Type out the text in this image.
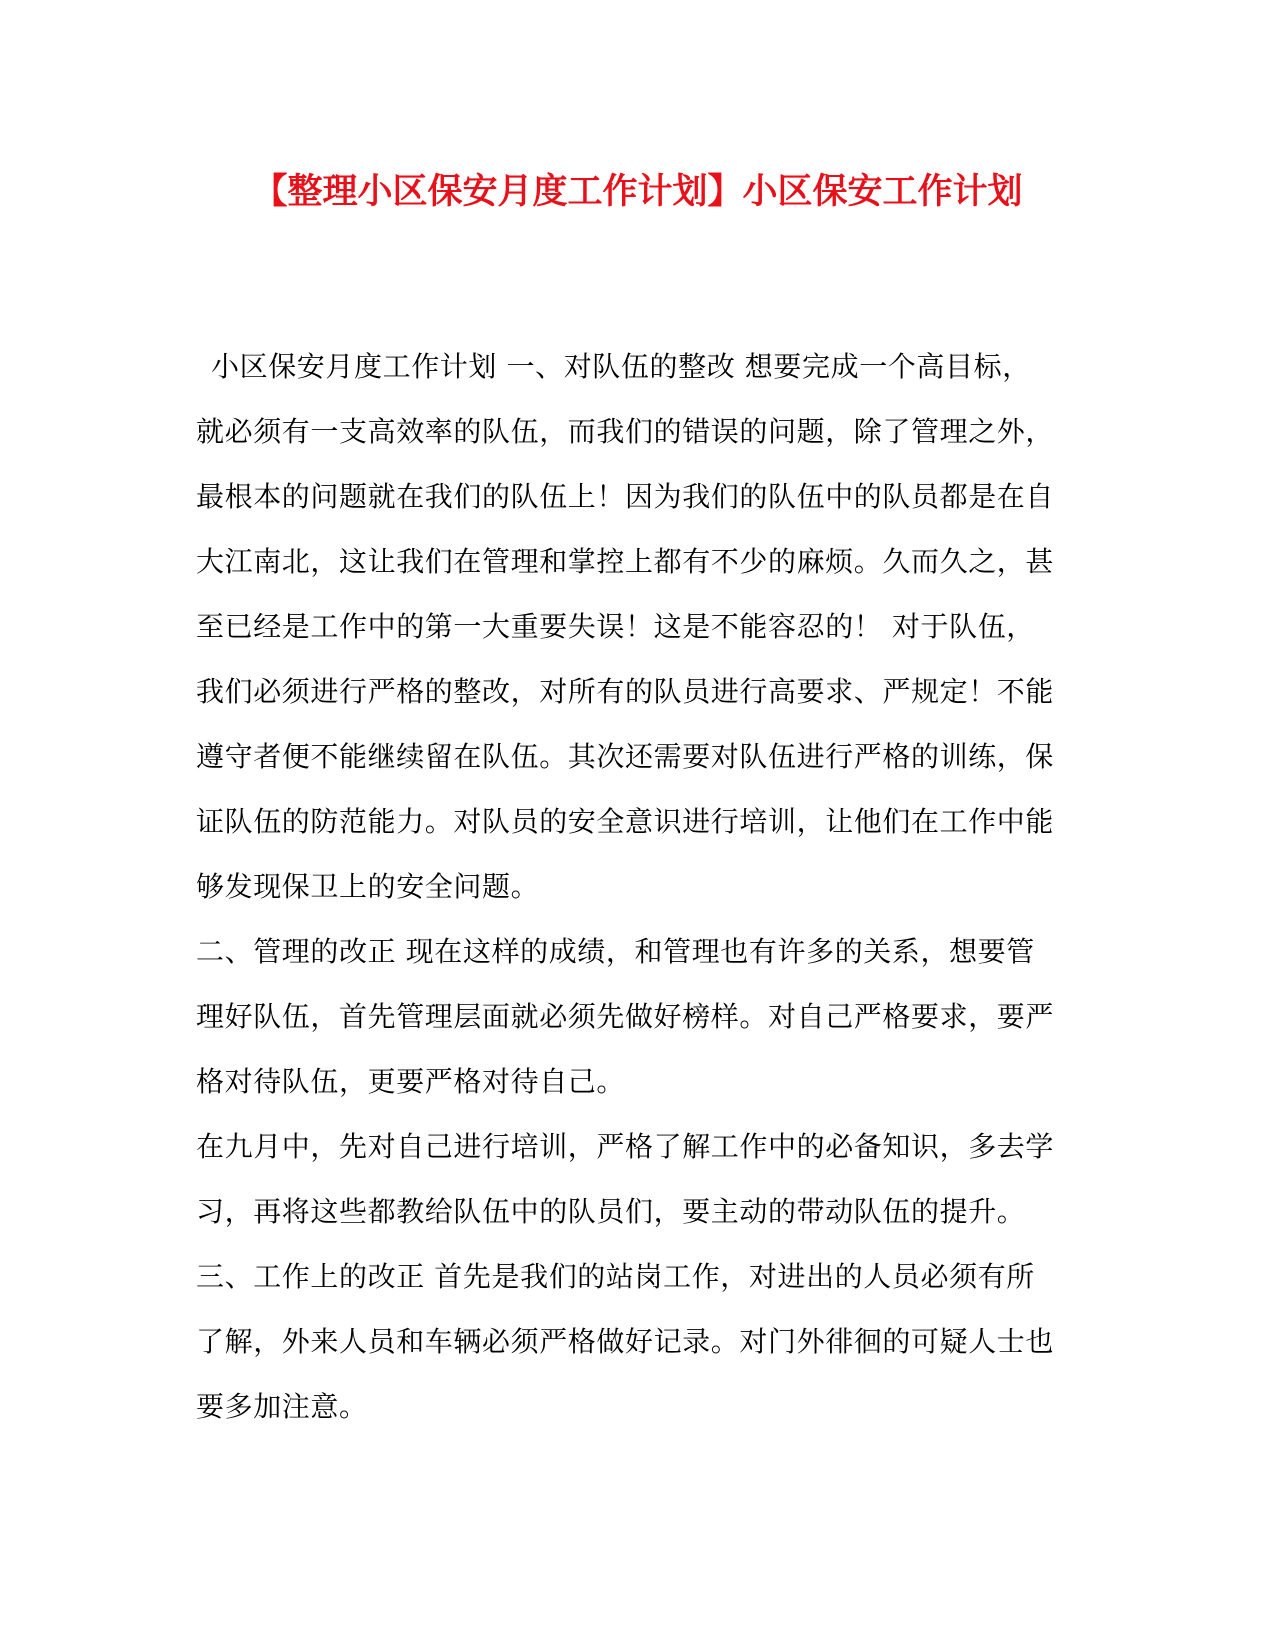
【整理小区保安月度工作计划】小区保安工作计划
小区保安月度工作计划 一、对队伍的整改 想要完成一个高目标，
就必须有一支高效率的队伍，而我们的错误的问题，除了管理之外，
最根本的问题就在我们的队伍上！因为我们的队伍中的队员都是在自
大江南北，这让我们在管理和掌控上都有不少的麻烦。久而久之，甚
至已经是工作中的第一大重要失误！这是不能容忍的！ 对于队伍，
我们必须进行严格的整改，对所有的队员进行高要求、严规定！不能
遵守者便不能继续留在队伍。其次还需要对队伍进行严格的训练，保
证队伍的防范能力。对队员的安全意识进行培训，让他们在工作中能
够发现保卫上的安全问题。
二、管理的改正 现在这样的成绩，和管理也有许多的关系，想要管
理好队伍，首先管理层面就必须先做好榜样。对自己严格要求，要严
格对待队伍，更要严格对待自己。
在九月中，先对自己进行培训，严格了解工作中的必备知识，多去学
习，再将这些都教给队伍中的队员们，要主动的带动队伍的提升。
三、工作上的改正 首先是我们的站岗工作，对进出的人员必须有所
了解，外来人员和车辆必须严格做好记录。对门外徘徊的可疑人士也
要多加注意。
